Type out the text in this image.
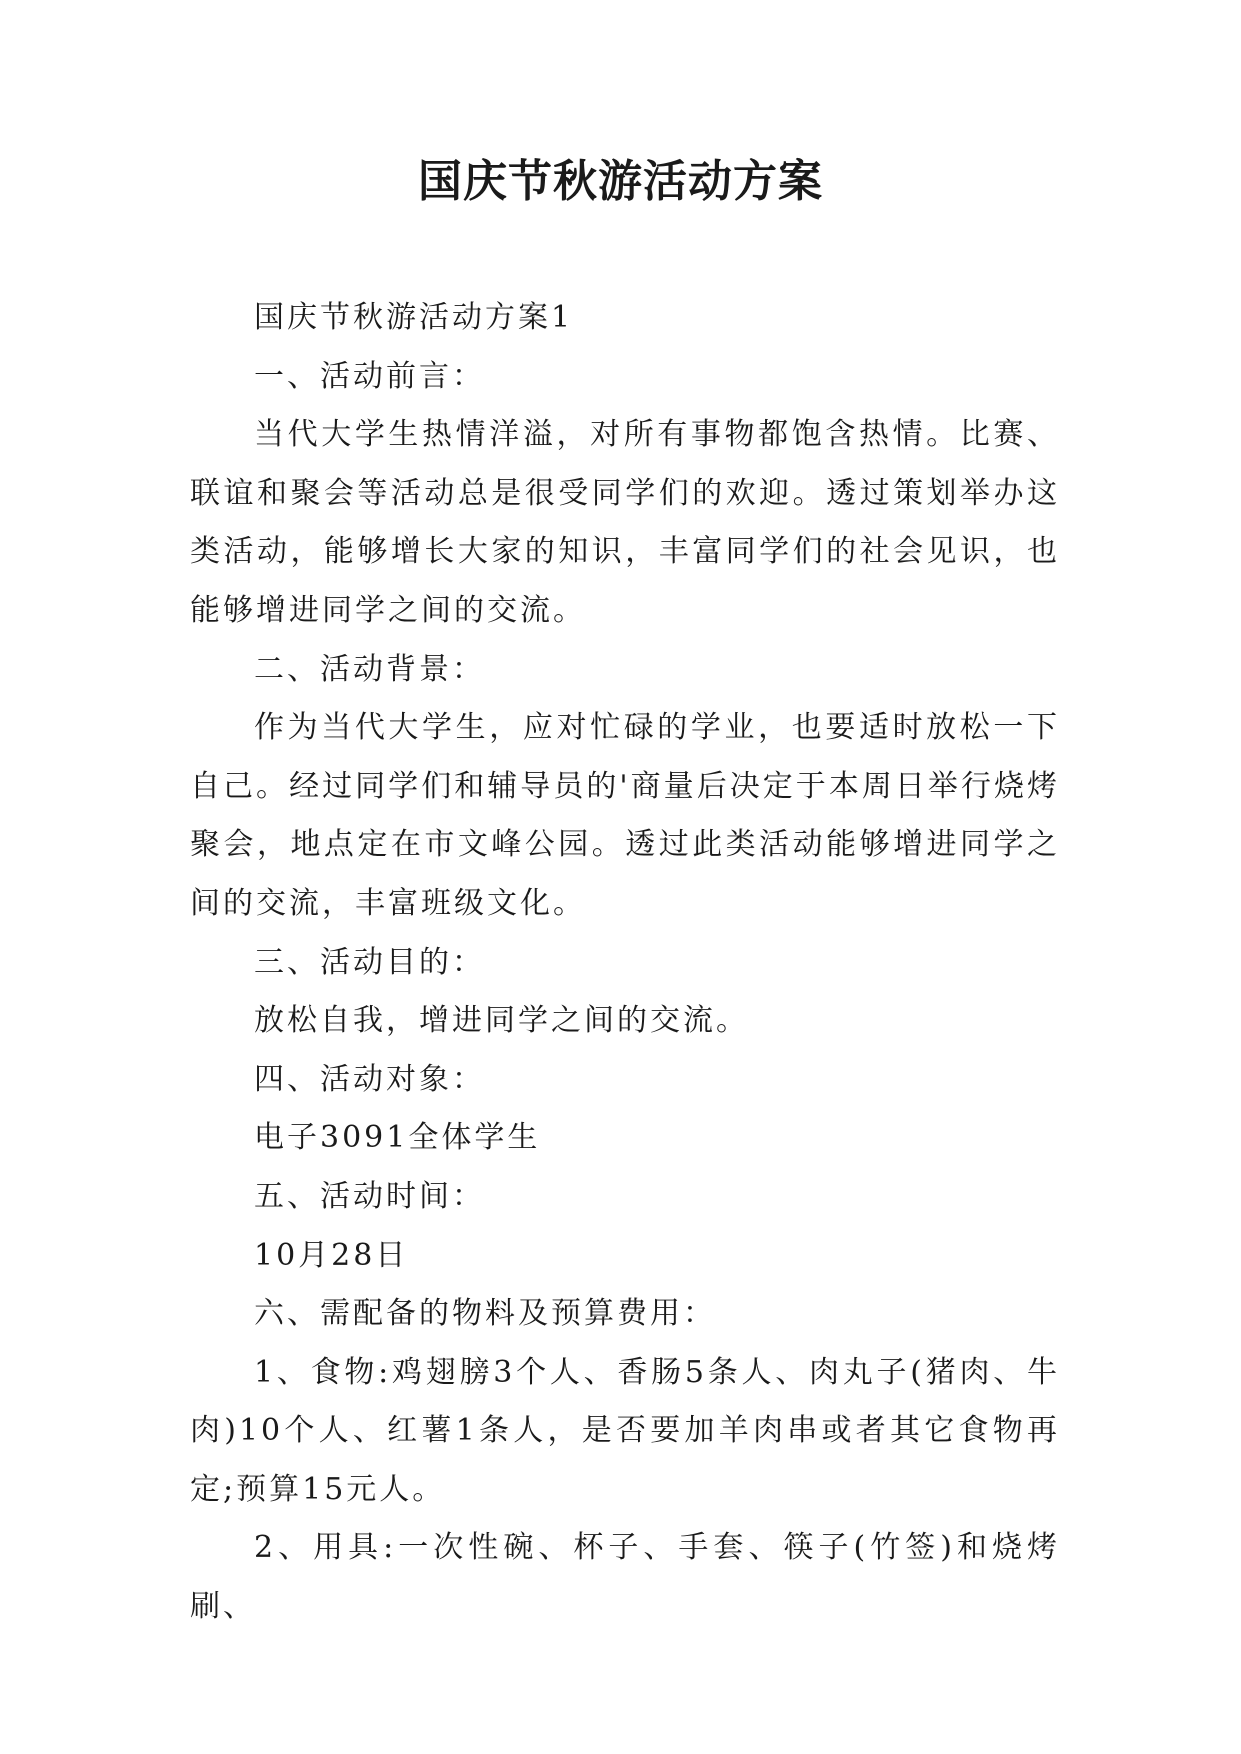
国庆节秋游活动方案

国庆节秋游活动方案1

一、活动前言：

当代大学生热情洋溢，对所有事物都饱含热情。比赛、联谊和聚会等活动总是很受同学们的欢迎。透过策划举办这类活动，能够增长大家的知识，丰富同学们的社会见识，也能够增进同学之间的交流。

二、活动背景：

作为当代大学生，应对忙碌的学业，也要适时放松一下自己。经过同学们和辅导员的'商量后决定于本周日举行烧烤聚会，地点定在市文峰公园。透过此类活动能够增进同学之间的交流，丰富班级文化。

三、活动目的：

放松自我，增进同学之间的交流。

四、活动对象：

电子3091全体学生

五、活动时间：

10月28日

六、需配备的物料及预算费用：

1、食物:鸡翅膀3个人、香肠5条人、肉丸子(猪肉、牛肉)10个人、红薯1条人，是否要加羊肉串或者其它食物再定;预算15元人。

2、用具:一次性碗、杯子、手套、筷子(竹签)和烧烤刷、
